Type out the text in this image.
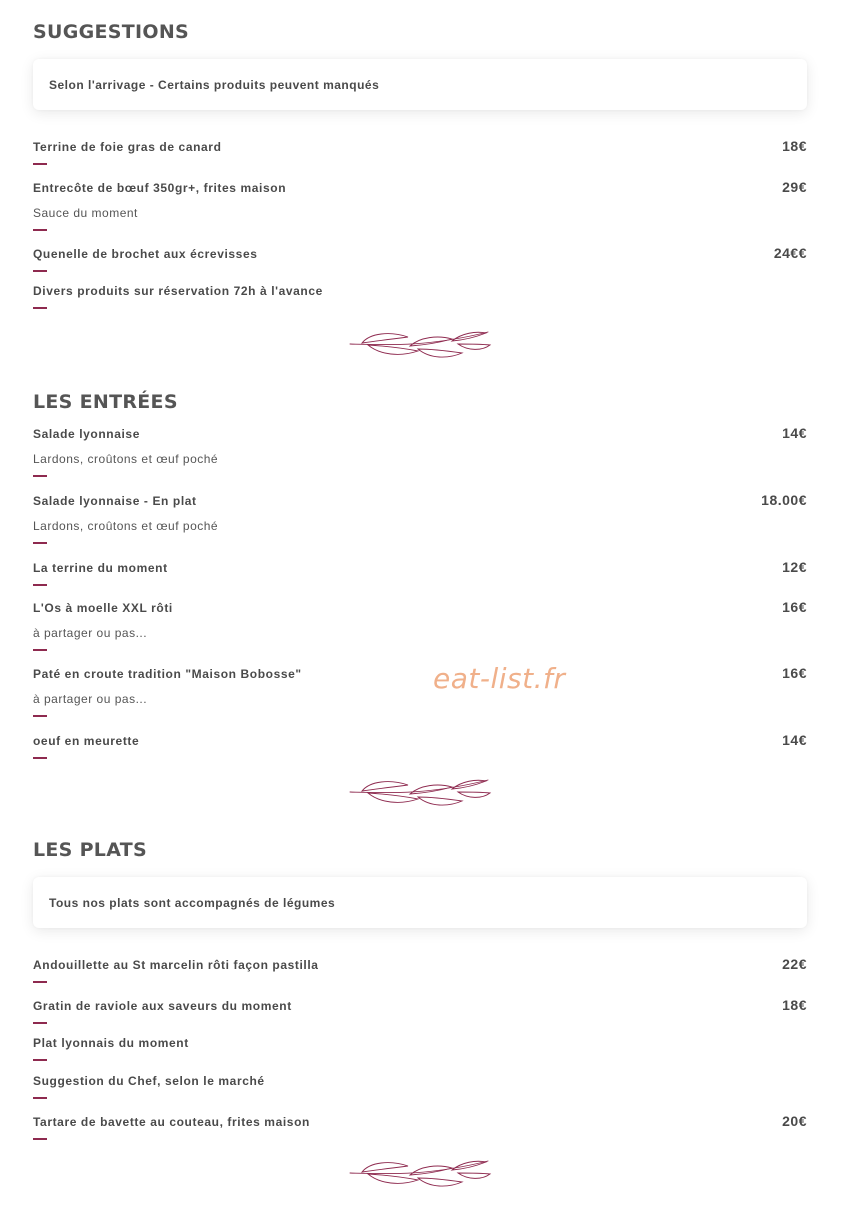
SUGGESTIONS
Selon l'arrivage - Certains produits peuvent manqués
Terrine de foie gras de canard	18€
Entrecôte de bœuf 350gr+, frites maison	29€
Sauce du moment
Quenelle de brochet aux écrevisses	24€€
Divers produits sur réservation 72h à l'avance
LES ENTRÉES
Salade lyonnaise	14€
Lardons, croûtons et œuf poché
Salade lyonnaise - En plat	18.00€
Lardons, croûtons et œuf poché
La terrine du moment	12€
L'Os à moelle XXL rôti	16€
à partager ou pas...
Paté en croute tradition "Maison Bobosse"	16€
à partager ou pas...
oeuf en meurette	14€
LES PLATS
Tous nos plats sont accompagnés de légumes
Andouillette au St marcelin rôti façon pastilla	22€
Gratin de raviole aux saveurs du moment	18€
Plat lyonnais du moment
Suggestion du Chef, selon le marché
Tartare de bavette au couteau, frites maison	20€
eat-list.fr
